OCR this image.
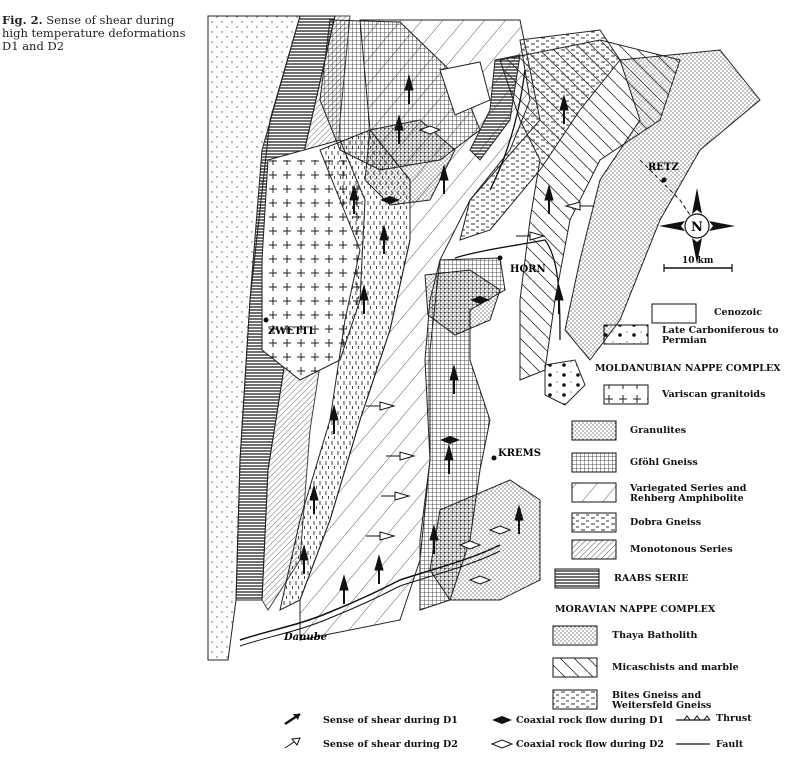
Fig. 2. Sense of shear during
high temperature deformations
D1 and D2
ZWETTL
HORN
KREMS
RETZ
Danube
N
10 km
Cenozoic
Late Carboniferous to Permian
MOLDANUBIAN NAPPE COMPLEX
Variscan granitoids
Granulites
Gföhl Gneiss
Variegated Series and Rehberg Amphibolite
Dobra Gneiss
Monotonous Series
RAABS SERIE
MORAVIAN NAPPE COMPLEX
Thaya Batholith
Micaschists and marble
Bites Gneiss and Weitersfeld Gneiss
Sense of shear during D1	Coaxial rock flow during D1	Thrust
Sense of shear during D2	Coaxial rock flow during D2	Fault
